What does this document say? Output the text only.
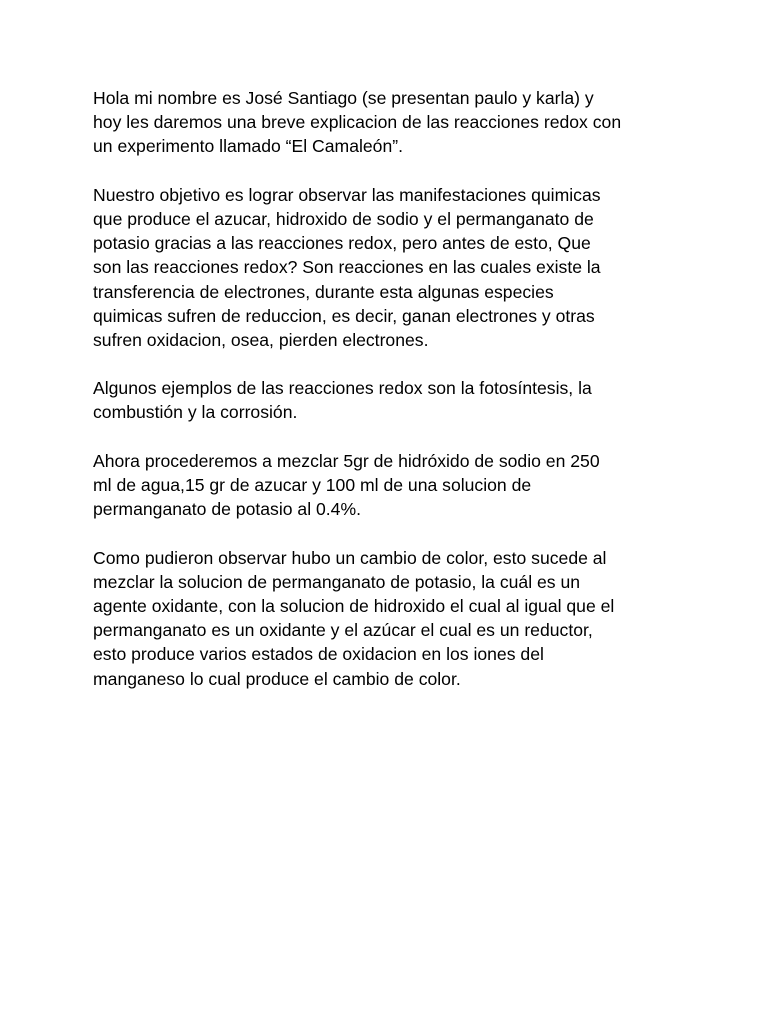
Hola mi nombre es José Santiago (se presentan paulo y karla) y
hoy les daremos una breve explicacion de las reacciones redox con
un experimento llamado “El Camaleón”.
Nuestro objetivo es lograr observar las manifestaciones quimicas
que produce el azucar, hidroxido de sodio y el permanganato de
potasio gracias a las reacciones redox, pero antes de esto, Que
son las reacciones redox? Son reacciones en las cuales existe la
transferencia de electrones, durante esta algunas especies
quimicas sufren de reduccion, es decir, ganan electrones y otras
sufren oxidacion, osea, pierden electrones.
Algunos ejemplos de las reacciones redox son la fotosíntesis, la
combustión y la corrosión.
Ahora procederemos a mezclar 5gr de hidróxido de sodio en 250
ml de agua,15 gr de azucar y 100 ml de una solucion de
permanganato de potasio al 0.4%.
Como pudieron observar hubo un cambio de color, esto sucede al
mezclar la solucion de permanganato de potasio, la cuál es un
agente oxidante, con la solucion de hidroxido el cual al igual que el
permanganato es un oxidante y el azúcar el cual es un reductor,
esto produce varios estados de oxidacion en los iones del
manganeso lo cual produce el cambio de color.
